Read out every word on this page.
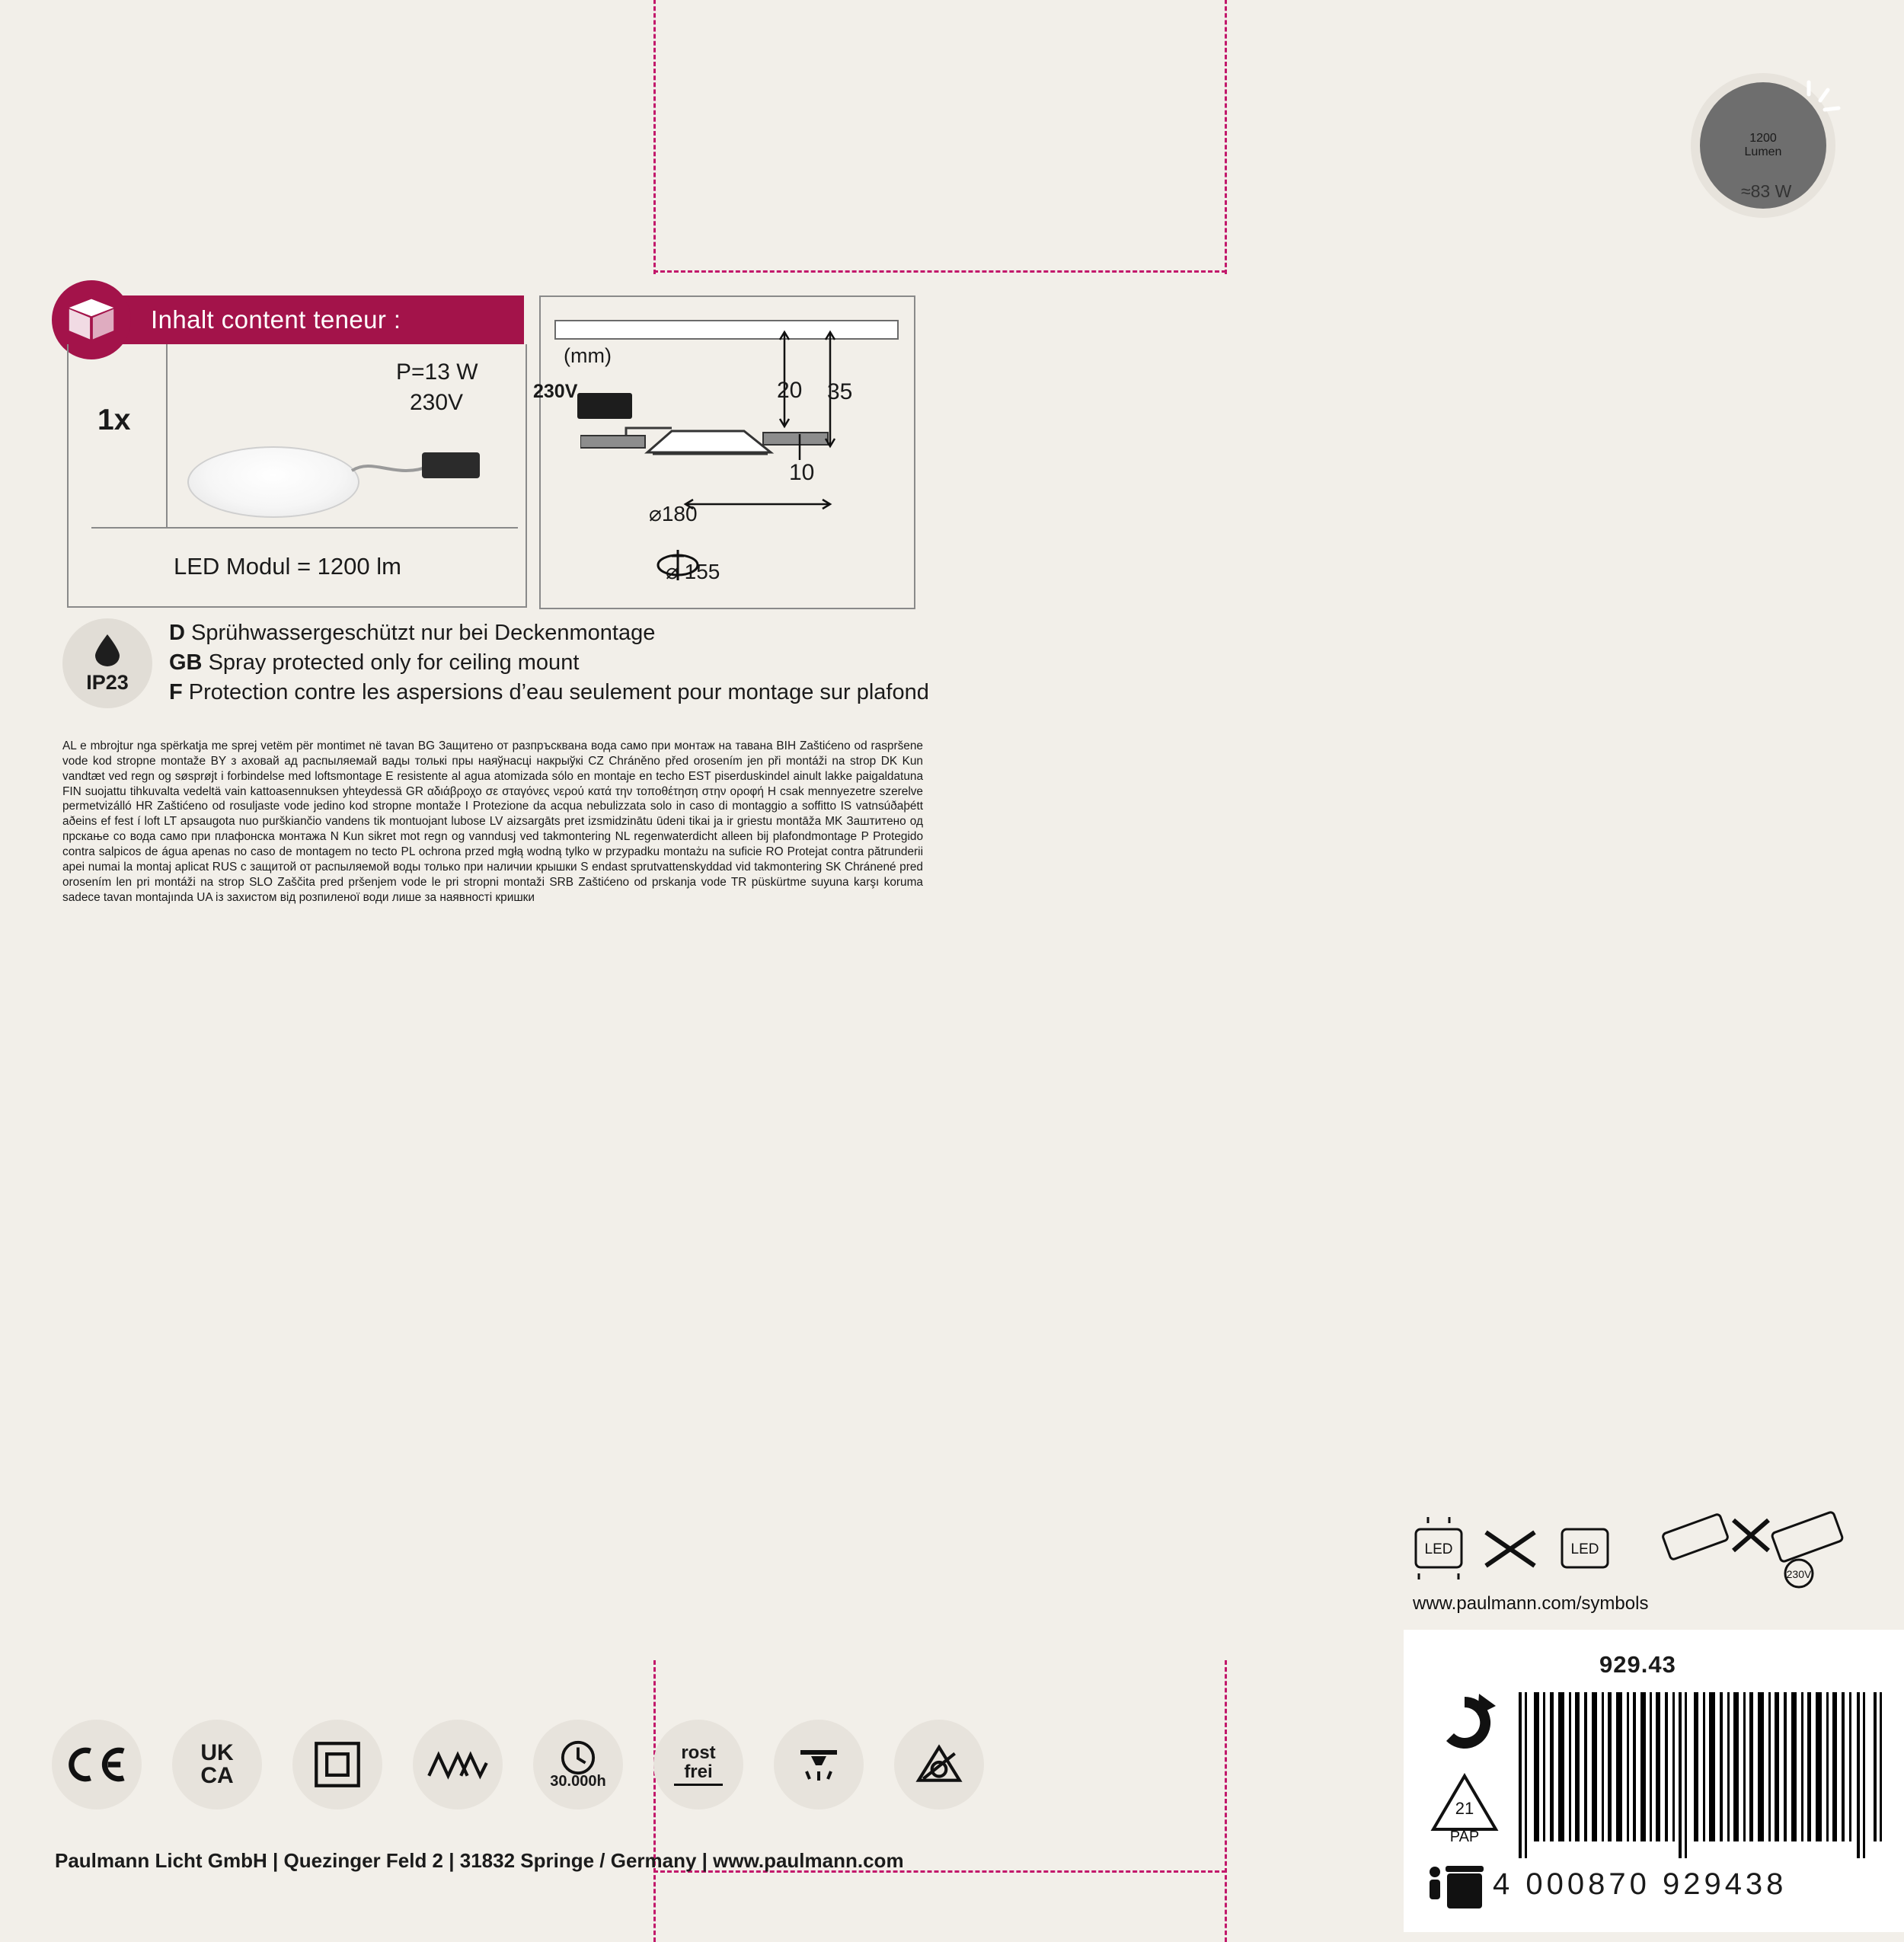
1200
Lumen
≈83 W
Inhalt content teneur :
P=13 W
230V
1x
LED Modul = 1200 lm
(mm)
230V	20 35
10
⌀180
⌀ 155
IP23
D Sprühwassergeschützt nur bei Deckenmontage
GB Spray protected only for ceiling mount
F Protection contre les aspersions d’eau seulement pour montage sur plafond
AL e mbrojtur nga spërkatja me sprej vetëm për montimet në tavan BG Защитено от разпръсквана вода само при монтаж на тавана BIH Zaštićeno od raspršene vode kod stropne montaže BY з аховай ад распыляемай вады толькі пры наяўнасці накрыўкі CZ Chráněno před orosením jen při montáži na strop DK Kun vandtæt ved regn og søsprøjt i forbindelse med loftsmontage E resistente al agua atomizada sólo en montaje en techo EST piserduskindel ainult lakke paigaldatuna FIN suojattu tihkuvalta vedeltä vain kattoasennuksen yhteydessä GR αδιάβροχο σε σταγόνες νερού κατά την τοποθέτηση στην οροφή H csak mennyezetre szerelve permetvizálló HR Zaštićeno od rosuljaste vode jedino kod stropne montaže I Protezione da acqua nebulizzata solo in caso di montaggio a soffitto IS vatnsúðaþétt aðeins ef fest í loft LT apsaugota nuo purškiančio vandens tik montuojant lubose LV aizsargāts pret izsmidzinātu ūdeni tikai ja ir griestu montāža MK Заштитено од прскање со вода само при плафонска монтажа N Kun sikret mot regn og vanndusj ved takmontering NL regenwaterdicht alleen bij plafondmontage P Protegido contra salpicos de água apenas no caso de montagem no tecto PL ochrona przed mgłą wodną tylko w przypadku montażu na suficie RO Protejat contra pătrunderii apei numai la montaj aplicat RUS с защитой от распыляемой воды только при наличии крышки S endast sprutvattenskyddad vid takmontering SK Chránené pred orosením len pri montáži na strop SLO Zaščita pred pršenjem vode le pri stropni montaži SRB Zaštićeno od prskanja vode TR püskürtme suyuna karşı koruma sadece tavan montajında UA із захистом від розпиленої води лише за наявності кришки
LED	LED
230V
www.paulmann.com/symbols
929.43
21
PAP
4 000870 929438
UK
CA	30.000h
rost
frei
Paulmann Licht GmbH | Quezinger Feld 2 | 31832 Springe / Germany | www.paulmann.com
